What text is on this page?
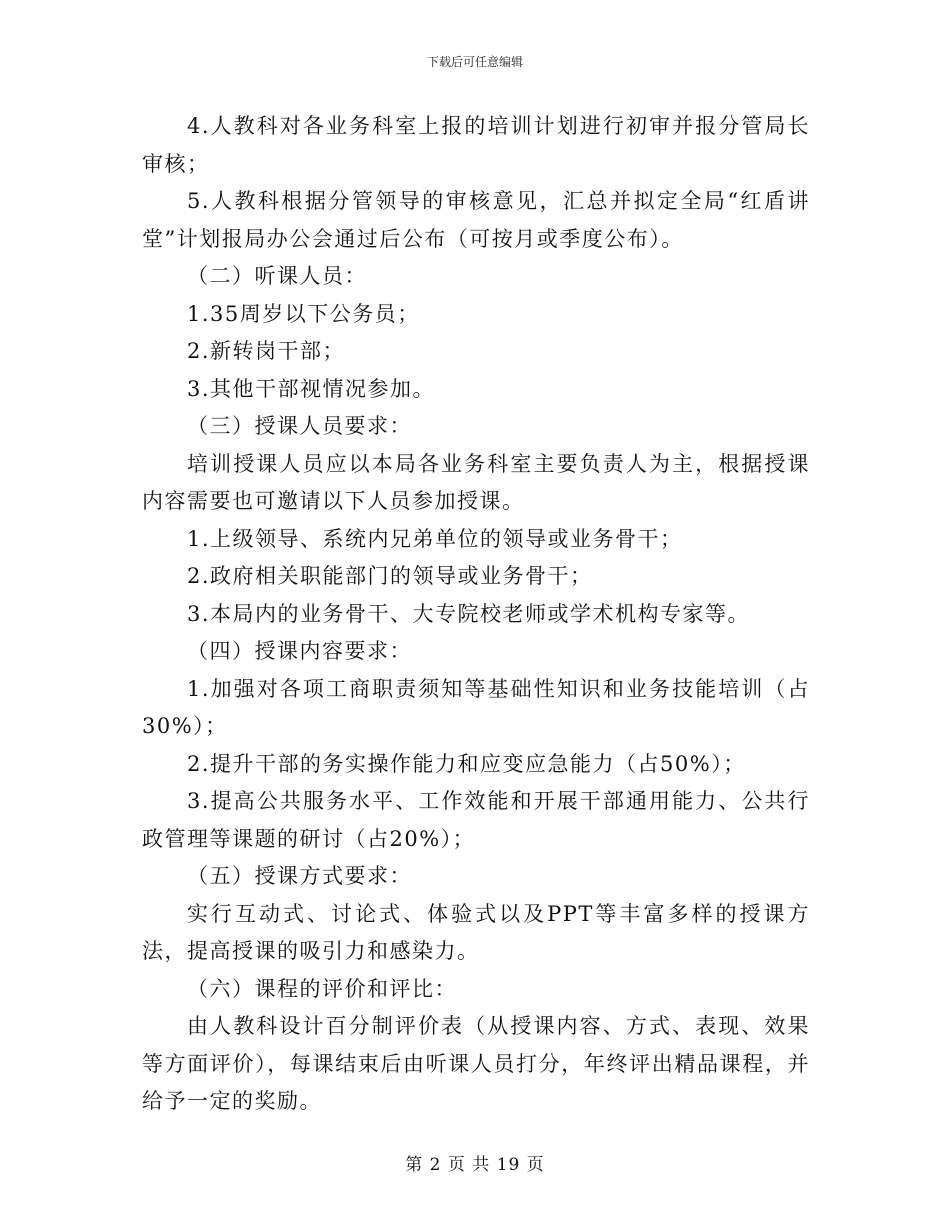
下载后可任意编辑

4.人教科对各业务科室上报的培训计划进行初审并报分管局长审核；

5.人教科根据分管领导的审核意见，汇总并拟定全局“红盾讲堂”计划报局办公会通过后公布（可按月或季度公布）。

（二）听课人员：

1.35周岁以下公务员；

2.新转岗干部；

3.其他干部视情况参加。

（三）授课人员要求：

培训授课人员应以本局各业务科室主要负责人为主，根据授课内容需要也可邀请以下人员参加授课。

1.上级领导、系统内兄弟单位的领导或业务骨干；

2.政府相关职能部门的领导或业务骨干；

3.本局内的业务骨干、大专院校老师或学术机构专家等。

（四）授课内容要求：

1.加强对各项工商职责须知等基础性知识和业务技能培训（占30%）；

2.提升干部的务实操作能力和应变应急能力（占50%）；

3.提高公共服务水平、工作效能和开展干部通用能力、公共行政管理等课题的研讨（占20%）；

（五）授课方式要求：

实行互动式、讨论式、体验式以及PPT等丰富多样的授课方法，提高授课的吸引力和感染力。

（六）课程的评价和评比：

由人教科设计百分制评价表（从授课内容、方式、表现、效果等方面评价），每课结束后由听课人员打分，年终评出精品课程，并给予一定的奖励。

第 2 页 共 19 页
